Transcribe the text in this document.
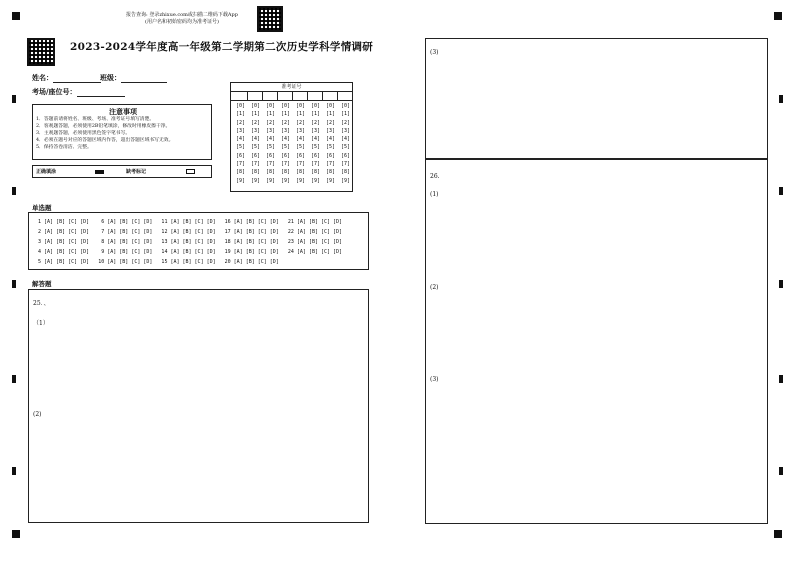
报告查询: 登录zhixue.com或扫描二维码下载App
(用户名和初始密码均为准考证号)
2023-2024学年度高一年级第二学期第二次历史学科学情调研
姓名：	班级：
考场/座位号：
注意事项
1．答题前请将姓名、班级、考场、准考证号填写清楚。
2．客观题答题，必须使用2B铅笔填涂，修改时用橡皮擦干净。
3．主观题答题，必须使用黑色签字笔书写。
4．必须在题号对应的答题区域内作答，超出答题区域书写无效。
5．保持答卷清洁、完整。
正确填涂	缺考标记
准考证号
[0]
[1]
[2]
[3]
[4]
[5]
[6]
[7]
[8]
[9]
[0]
[1]
[2]
[3]
[4]
[5]
[6]
[7]
[8]
[9]
[0]
[1]
[2]
[3]
[4]
[5]
[6]
[7]
[8]
[9]
[0]
[1]
[2]
[3]
[4]
[5]
[6]
[7]
[8]
[9]
[0]
[1]
[2]
[3]
[4]
[5]
[6]
[7]
[8]
[9]
[0]
[1]
[2]
[3]
[4]
[5]
[6]
[7]
[8]
[9]
[0]
[1]
[2]
[3]
[4]
[5]
[6]
[7]
[8]
[9]
[0]
[1]
[2]
[3]
[4]
[5]
[6]
[7]
[8]
[9]
单选题
1 [A] [B] [C] [D]    6 [A] [B] [C] [D]   11 [A] [B] [C] [D]   16 [A] [B] [C] [D]   21 [A] [B] [C] [D]
2 [A] [B] [C] [D]    7 [A] [B] [C] [D]   12 [A] [B] [C] [D]   17 [A] [B] [C] [D]   22 [A] [B] [C] [D]
3 [A] [B] [C] [D]    8 [A] [B] [C] [D]   13 [A] [B] [C] [D]   18 [A] [B] [C] [D]   23 [A] [B] [C] [D]
4 [A] [B] [C] [D]    9 [A] [B] [C] [D]   14 [A] [B] [C] [D]   19 [A] [B] [C] [D]   24 [A] [B] [C] [D]
5 [A] [B] [C] [D]   10 [A] [B] [C] [D]   15 [A] [B] [C] [D]   20 [A] [B] [C] [D]
解答题
25．、
（1）
(2)
(3)
26.
(1)
(2)
(3)
